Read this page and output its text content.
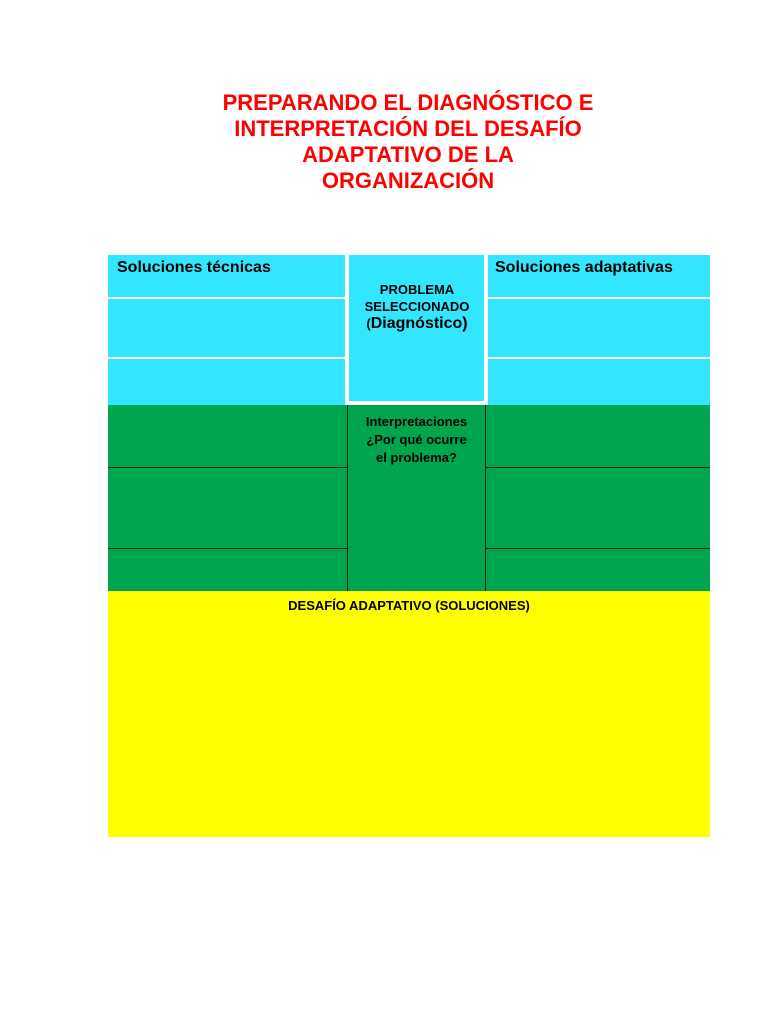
PREPARANDO EL DIAGNÓSTICO E
INTERPRETACIÓN DEL DESAFÍO
ADAPTATIVO DE LA
ORGANIZACIÓN
Soluciones técnicas	Soluciones adaptativas
PROBLEMA
SELECCIONADO
(Diagnóstico)
Interpretaciones
¿Por qué ocurre
el problema?
DESAFÍO ADAPTATIVO (SOLUCIONES)
